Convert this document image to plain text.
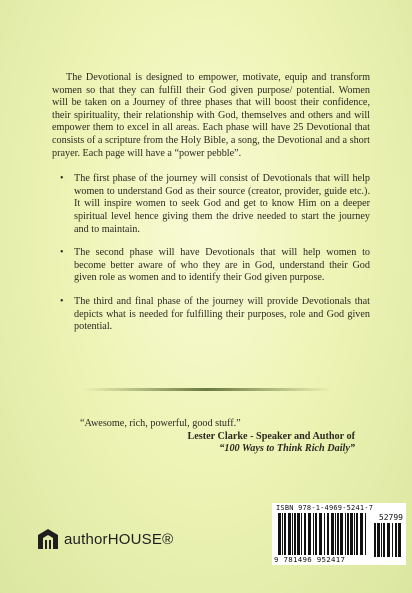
The Devotional is designed to empower, motivate, equip and transform women so that they can fulfill their God given purpose/ potential. Women will be taken on a Journey of three phases that will boost their confidence, their spirituality, their relationship with God, themselves and others and will empower them to excel in all areas. Each phase will have 25 Devotional that consists of a scripture from the Holy Bible, a song, the Devotional and a short prayer. Each page will have a “power pebble”.

• The first phase of the journey will consist of Devotionals that will help women to understand God as their source (creator, provider, guide etc.). It will inspire women to seek God and get to know Him on a deeper spiritual level hence giving them the drive needed to start the journey and to maintain.
• The second phase will have Devotionals that will help women to become better aware of who they are in God, understand their God given role as women and to identify their God given purpose.
• The third and final phase of the journey will provide Devotionals that depicts what is needed for fulfilling their purposes, role and God given potential.

“Awesome, rich, powerful, good stuff.”

Lester Clarke - Speaker and Author of

“100 Ways to Think Rich Daily”

authorHOUSE®
ISBN 978-1-4969-5241-7
52799
9 781496 952417
